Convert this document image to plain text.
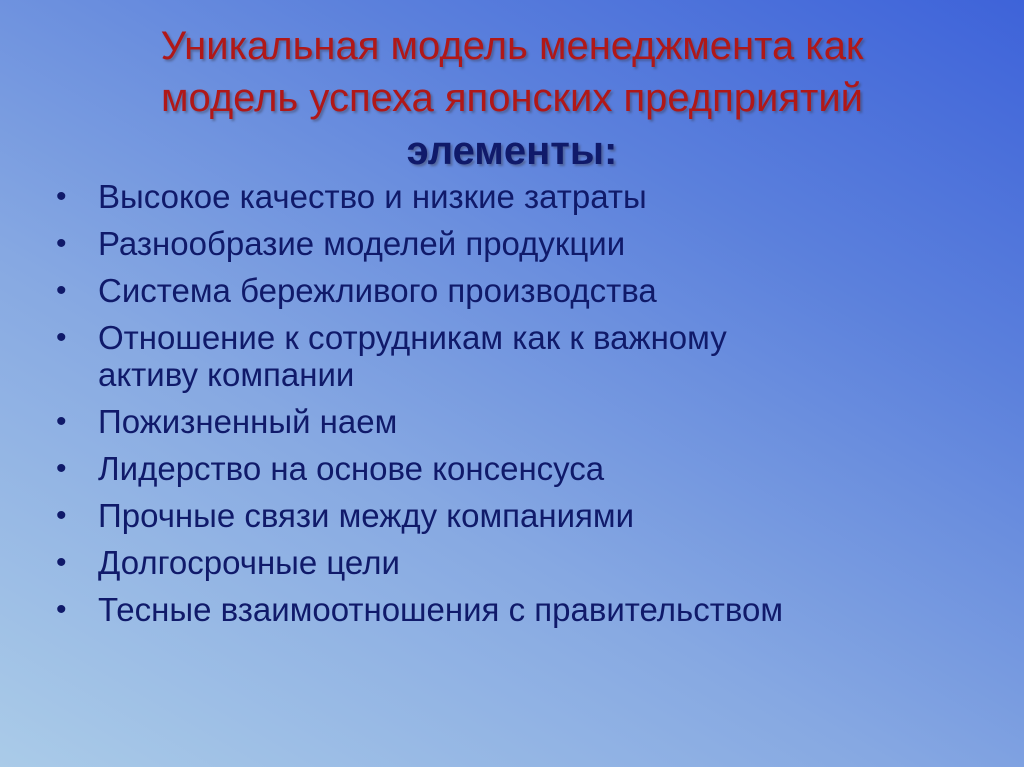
Уникальная модель менеджмента как
модель успеха японских предприятий
элементы:
• Высокое качество и низкие затраты
• Разнообразие моделей продукции
• Система бережливого производства
• Отношение к сотрудникам как к важному
активу компании
• Пожизненный наем
• Лидерство на основе консенсуса
• Прочные связи между компаниями
• Долгосрочные цели
• Тесные взаимоотношения с правительством
